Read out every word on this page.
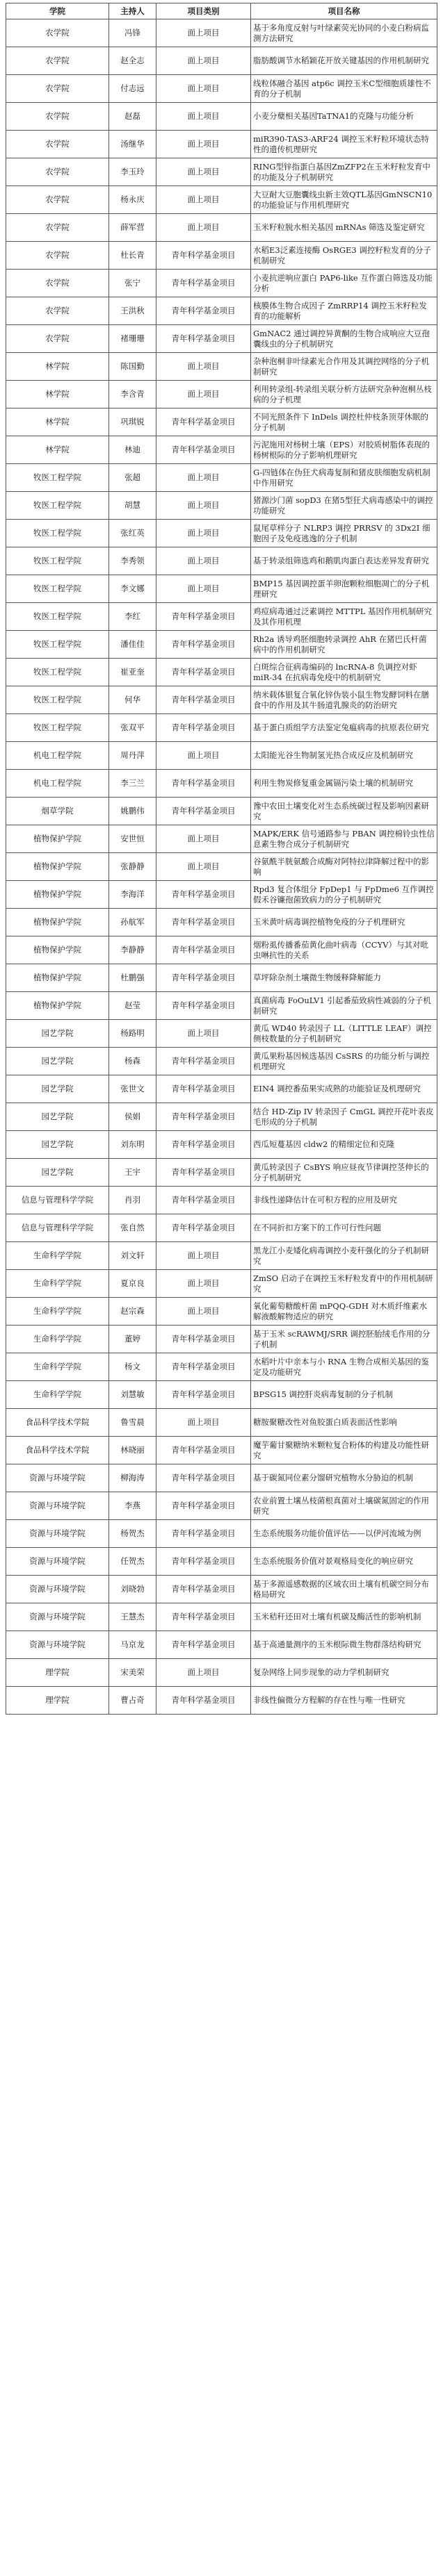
学院	主持人	项目类别	项目名称
农学院	冯锋	面上项目	基于多角度反射与叶绿素荧光协同的小麦白粉病监测方法研究
农学院	赵全志	面上项目	脂肪酸调节水稻颖花开放关键基因的作用机制研究
农学院	付志远	面上项目	线粒体融合基因 atp6c 调控玉米C型细胞质雄性不育的分子机制
农学院	赵磊	面上项目	小麦分蘖相关基因TaTNA1的克隆与功能分析
农学院	汤继华	面上项目	miR390-TAS3-ARF24 调控玉米籽粒环境状态特性的遗传机理研究
农学院	李玉玲	面上项目	RING型锌指蛋白基因ZmZFP2在玉米籽粒发育中的功能及分子机制研究
农学院	杨永庆	面上项目	大豆耐大豆胞囊线虫新主效QTL基因GmNSCN10的功能验证与作用机理研究
农学院	薛军营	面上项目	玉米籽粒脱水相关基因 mRNAs 筛选及鉴定研究
农学院	杜长青	青年科学基金项目	水稻E3泛素连接酶 OsRGE3 调控籽粒发育的分子机制研究
农学院	张宁	青年科学基金项目	小麦抗逆响应蛋白 PAP6-like 互作蛋白筛选及功能分析
农学院	王洪秋	青年科学基金项目	核膜体生物合成因子 ZmRRP14 调控玉米籽粒发育的功能解析
农学院	褚珊珊	青年科学基金项目	GmNAC2 通过调控异黄酮的生物合成响应大豆孢囊线虫的分子机制研究
林学院	陈国勤	面上项目	杂种泡桐非叶绿素光合作用及其调控网络的分子机制研究
林学院	李含青	面上项目	利用转录组-转录组关联分析方法研究杂种泡桐丛枝病的分子机理
林学院	巩琪锐	青年科学基金项目	不同光照条件下 InDels 调控杜仲枝条顶芽休眠的分子机制
林学院	林迪	青年科学基金项目	污泥施用对杨树土壤（EPS）对胶质树脂体表现的杨树根际的分子影响机理研究
牧医工程学院	张超	面上项目	G-四链体在伪狂犬病毒复制和猪皮肤细胞发病机制中作用研究
牧医工程学院	胡慧	面上项目	猪源沙门菌 sopD3 在猪5型狂犬病毒感染中的调控功能研究
牧医工程学院	张红英	面上项目	鼠尾草样分子 NLRP3 调控 PRRSV 的 3Dx2I 细胞因子及免疫逃逸的分子机制
牧医工程学院	李秀领	面上项目	基于转录组筛选鸡和鹅肌肉蛋白表达差异发育研究
牧医工程学院	李文娜	面上项目	BMP15 基因调控蛋羊卵泡颗粒细胞凋亡的分子机理研究
牧医工程学院	李红	青年科学基金项目	鸡痘病毒通过泛素调控 MTTPL 基因作用机制研究及其作用机理
牧医工程学院	潘佳佳	青年科学基金项目	Rh2a 诱导鸡胚细胞转录调控 AhR 在猪巴氏杆菌病中的作用机制研究
牧医工程学院	崔亚奎	青年科学基金项目	白斑综合征病毒编码的 lncRNA-8 负调控对虾 miR-34 在抗病毒免疫中的机制研究
牧医工程学院	何华	青年科学基金项目	纳米载体银复合氧化锌伪装小鼠生物发酵饲料在膳食中的作用及其牛肠道乳腺炎的防治研究
牧医工程学院	张双平	青年科学基金项目	基于蛋白质组学方法鉴定兔瘟病毒的抗原表位研究
机电工程学院	周丹萍	面上项目	太阳能光谷生物制氢光热合成反应及机制研究
机电工程学院	李三兰	青年科学基金项目	利用生物炭修复重金属镉污染土壤的机制研究
烟草学院	姚鹏伟	青年科学基金项目	豫中农田土壤变化对生态系统碳过程及影响因素研究
植物保护学院	安世恒	面上项目	MAPK/ERK 信号通路参与 PBAN 调控棉铃虫性信息素生物合成分子机制研究
植物保护学院	张静静	面上项目	谷氨酰半胱氨酸合成酶对阿特拉津降解过程中的影响
植物保护学院	李海洋	青年科学基金项目	Rpd3 复合体组分 FpDep1 与 FpDme6 互作调控假禾谷镰孢菌致病力的分子机制研究
植物保护学院	孙航军	青年科学基金项目	玉米黄叶病毒调控植物免疫的分子机理研究
植物保护学院	李静静	青年科学基金项目	烟粉虱传播番茄黄化曲叶病毒（CCYV）与其对吡虫啉抗性的关系
植物保护学院	杜鹏强	青年科学基金项目	草坪除杂剂土壤微生物缓释降解能力
植物保护学院	赵莹	青年科学基金项目	真菌病毒 FoOuLV1 引起番茄致病性减弱的分子机制研究
园艺学院	杨路明	面上项目	黄瓜 WD40 转录因子 LL（LITTLE LEAF）调控侧枝数量的分子机制研究
园艺学院	杨森	青年科学基金项目	黄瓜果粉基因候选基因 CsSRS 的功能分析与调控机理研究
园艺学院	张世文	青年科学基金项目	EIN4 调控番茄果实成熟的功能验证及机理研究
园艺学院	侯娟	青年科学基金项目	结合 HD-Zip IV 转录因子 CmGL 调控开花叶表皮毛形成的分子机制
园艺学院	刘东明	青年科学基金项目	西瓜短蔓基因 cldw2 的精细定位和克隆
园艺学院	王宇	青年科学基金项目	黄瓜转录因子 CsBYS 响应昼夜节律调控茎伸长的分子机制研究
信息与管理科学学院	肖羽	青年科学基金项目	非线性递降估计在可积方程的应用及研究
信息与管理科学学院	张自然	青年科学基金项目	在不同折扣方案下的工作可行性问题
生命科学学院	刘文轩	面上项目	黑龙江小麦矮化病毒调控小麦秆强化的分子机制研究
生命科学学院	夏京良	面上项目	ZmSO 启动子在调控玉米籽粒发育中的作用机制研究
生命科学学院	赵宗森	面上项目	氧化葡萄糖酸杆菌 mPQQ-GDH 对木质纤维素水解液酸解物适应的研究
生命科学学院	董婷	青年科学基金项目	基于玉米 scRAWMJ/SRR 调控胚胎绒毛作用的分子机制
生命科学学院	杨文	青年科学基金项目	水稻叶片中亲本与小 RNA 生物合成相关基因的鉴定及功能研究
生命科学学院	刘慧敏	青年科学基金项目	BPSG15 调控肝炎病毒复制的分子机制
食品科学技术学院	鲁雪晨	面上项目	糖胺聚糖改性对鱼胶蛋白质表面活性影响
食品科学技术学院	林晓丽	青年科学基金项目	魔芋葡甘聚糖纳米颗粒复合粉体的构建及功能性研究
资源与环境学院	柳海涛	青年科学基金项目	基于碳氮同位素分馏研究植物水分胁迫的机制
资源与环境学院	李燕	青年科学基金项目	农业前置土壤丛枝菌根真菌对土壤碳氮固定的作用研究
资源与环境学院	杨贺杰	青年科学基金项目	生态系统服务功能价值评估——以伊河流域为例
资源与环境学院	任贺杰	青年科学基金项目	生态系统服务价值对景观格局变化的响应研究
资源与环境学院	刘晓勃	青年科学基金项目	基于多源遥感数据的区域农田土壤有机碳空间分布格局研究
资源与环境学院	王慧杰	青年科学基金项目	玉米秸秆还田对土壤有机碳及酶活性的影响机制
资源与环境学院	马京龙	青年科学基金项目	基于高通量测序的玉米根际微生物群落结构研究
理学院	宋美荣	面上项目	复杂网络上同步现象的动力学机制研究
理学院	曹占奇	青年科学基金项目	非线性偏微分方程解的存在性与唯一性研究
